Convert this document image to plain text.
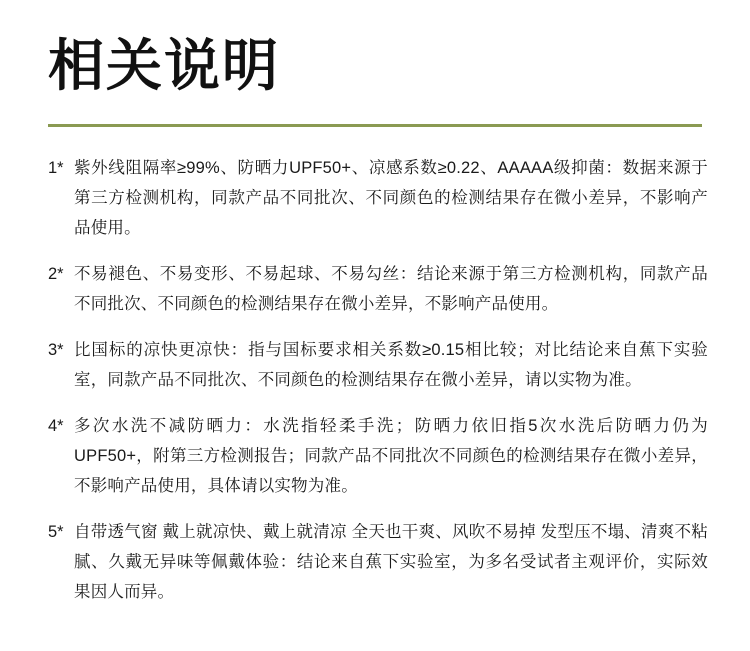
相关说明
1* 紫外线阻隔率≥99%、防晒力UPF50+、凉感系数≥0.22、AAAAA级抑菌：数据来源于第三方检测机构，同款产品不同批次、不同颜色的检测结果存在微小差异，不影响产品使用。
2* 不易褪色、不易变形、不易起球、不易勾丝：结论来源于第三方检测机构，同款产品不同批次、不同颜色的检测结果存在微小差异，不影响产品使用。
3* 比国标的凉快更凉快：指与国标要求相关系数≥0.15相比较；对比结论来自蕉下实验室，同款产品不同批次、不同颜色的检测结果存在微小差异，请以实物为准。
4* 多次水洗不减防晒力：水洗指轻柔手洗；防晒力依旧指5次水洗后防晒力仍为UPF50+，附第三方检测报告；同款产品不同批次不同颜色的检测结果存在微小差异，不影响产品使用，具体请以实物为准。
5* 自带透气窗 戴上就凉快、戴上就清凉 全天也干爽、风吹不易掉 发型压不塌、清爽不粘腻、久戴无异味等佩戴体验：结论来自蕉下实验室，为多名受试者主观评价，实际效果因人而异。
